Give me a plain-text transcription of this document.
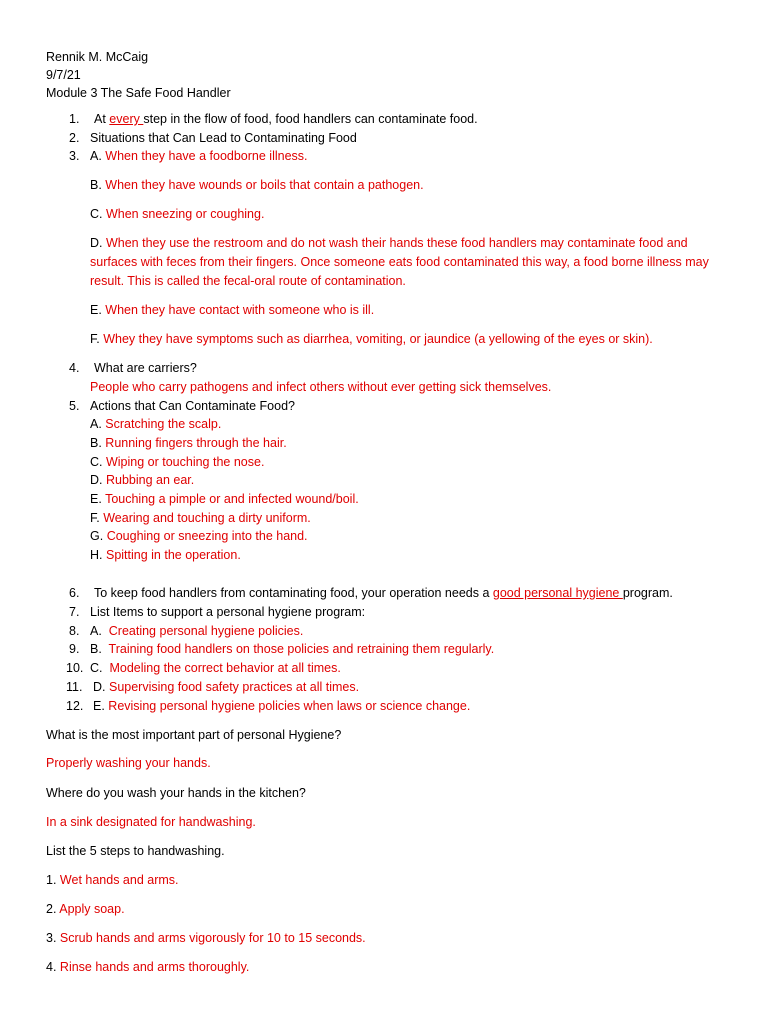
Rennik M. McCaig
9/7/21
Module 3 The Safe Food Handler
1. At every step in the flow of food, food handlers can contaminate food.
2. Situations that Can Lead to Contaminating Food
3. A. When they have a foodborne illness.
B. When they have wounds or boils that contain a pathogen.
C. When sneezing or coughing.
D. When they use the restroom and do not wash their hands these food handlers may contaminate food and
surfaces with feces from their fingers. Once someone eats food contaminated this way, a food borne illness may
result. This is called the fecal-oral route of contamination.
E. When they have contact with someone who is ill.
F. Whey they have symptoms such as diarrhea, vomiting, or jaundice (a yellowing of the eyes or skin).
4. What are carriers?
People who carry pathogens and infect others without ever getting sick themselves.
5. Actions that Can Contaminate Food?
A. Scratching the scalp.
B. Running fingers through the hair.
C. Wiping or touching the nose.
D. Rubbing an ear.
E. Touching a pimple or and infected wound/boil.
F. Wearing and touching a dirty uniform.
G. Coughing or sneezing into the hand.
H. Spitting in the operation.
6. To keep food handlers from contaminating food, your operation needs a good personal hygiene program.
7. List Items to support a personal hygiene program:
8. A. Creating personal hygiene policies.
9. B. Training food handlers on those policies and retraining them regularly.
10. C. Modeling the correct behavior at all times.
11. D. Supervising food safety practices at all times.
12. E. Revising personal hygiene policies when laws or science change.
What is the most important part of personal Hygiene?
Properly washing your hands.
Where do you wash your hands in the kitchen?
In a sink designated for handwashing.
List the 5 steps to handwashing.
1. Wet hands and arms.
2. Apply soap.
3. Scrub hands and arms vigorously for 10 to 15 seconds.
4. Rinse hands and arms thoroughly.
